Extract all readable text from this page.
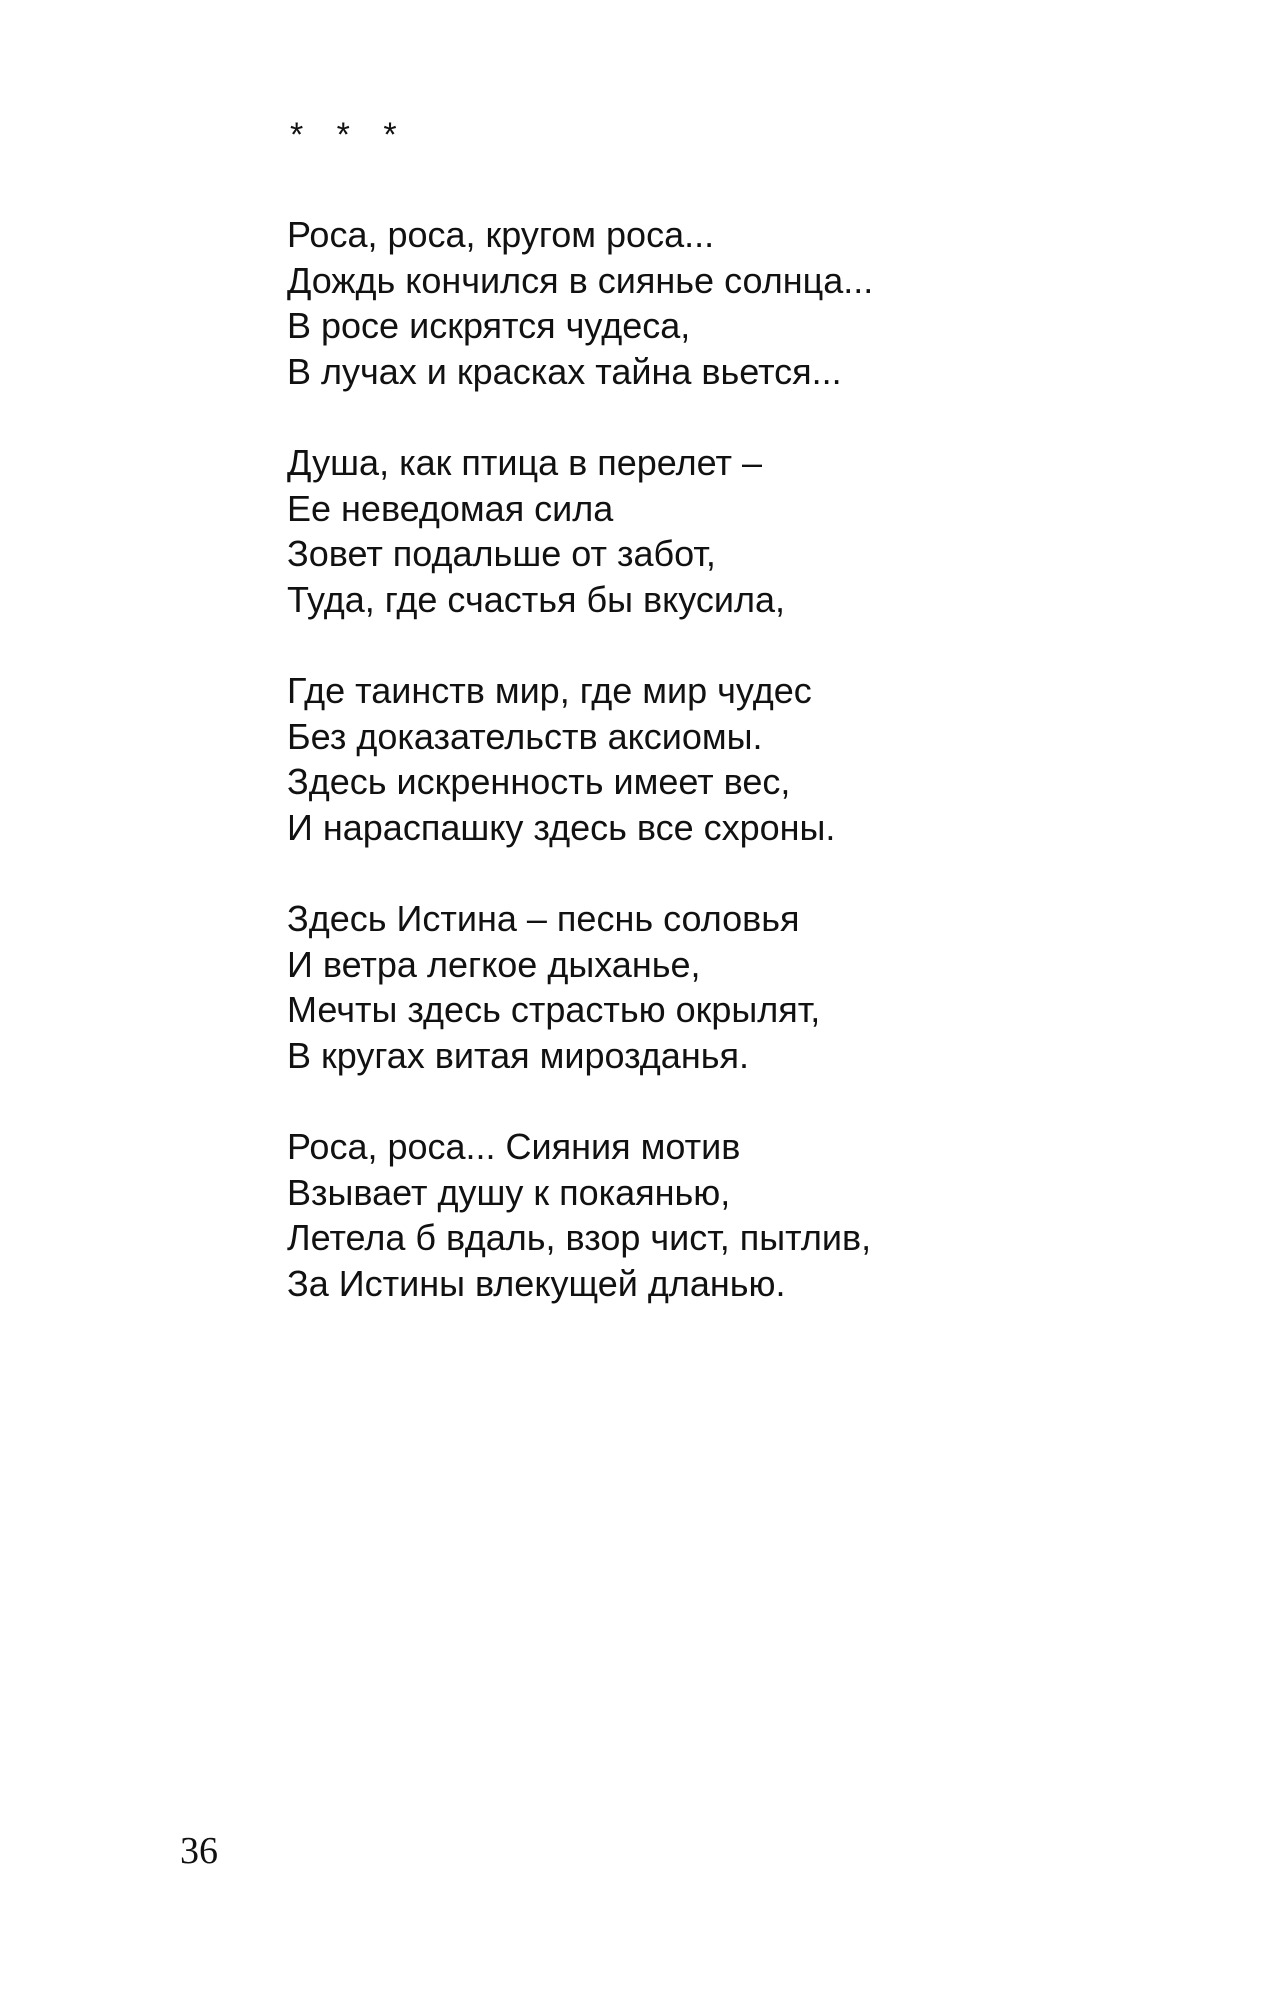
* * *
Роса, роса, кругом роса...
Дождь кончился в сиянье солнца...
В росе искрятся чудеса,
В лучах и красках тайна вьется...
Душа, как птица в перелет –
Ее неведомая сила
Зовет подальше от забот,
Туда, где счастья бы вкусила,
Где таинств мир, где мир чудес
Без доказательств аксиомы.
Здесь искренность имеет вес,
И нараспашку здесь все схроны.
Здесь Истина – песнь соловья
И ветра легкое дыханье,
Мечты здесь страстью окрылят,
В кругах витая мирозданья.
Роса, роса... Сияния мотив
Взывает душу к покаянью,
Летела б вдаль, взор чист, пытлив,
За Истины влекущей дланью.
36
